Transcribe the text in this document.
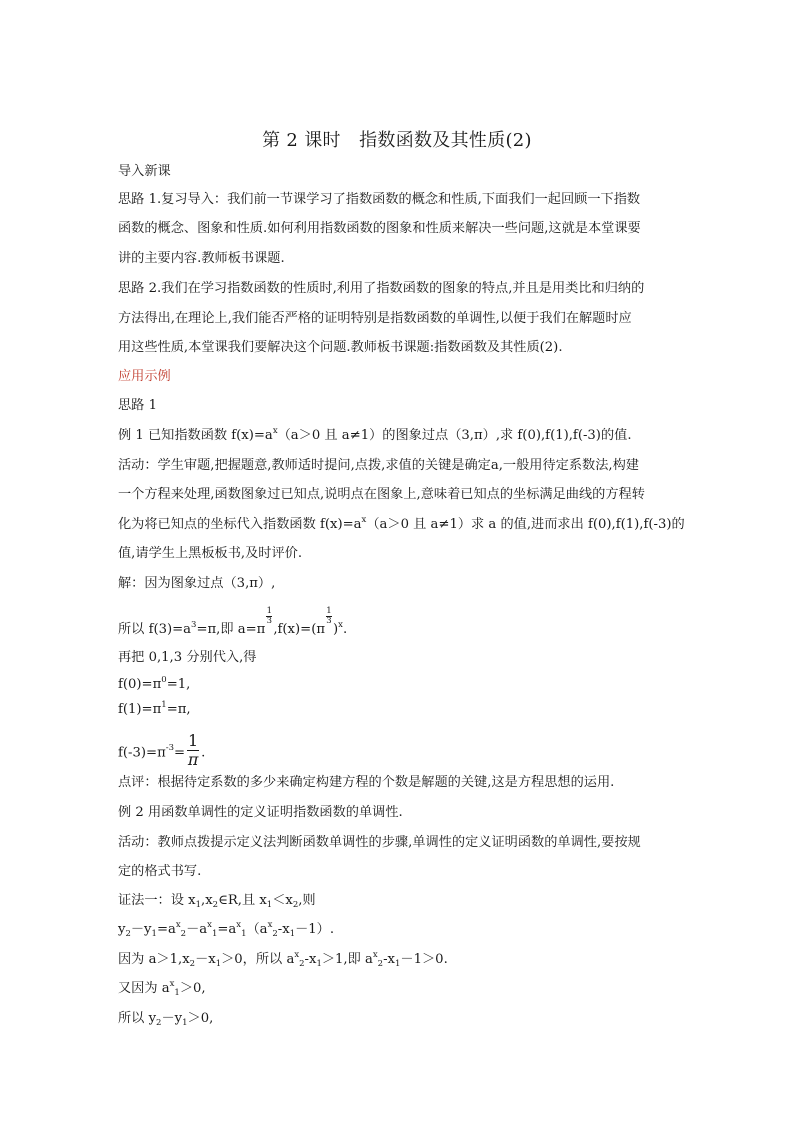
第 2 课时　指数函数及其性质(2)
导入新课
思路 1.复习导入：我们前一节课学习了指数函数的概念和性质,下面我们一起回顾一下指数
函数的概念、图象和性质.如何利用指数函数的图象和性质来解决一些问题,这就是本堂课要
讲的主要内容.教师板书课题.
思路 2.我们在学习指数函数的性质时,利用了指数函数的图象的特点,并且是用类比和归纳的
方法得出,在理论上,我们能否严格的证明特别是指数函数的单调性,以便于我们在解题时应
用这些性质,本堂课我们要解决这个问题.教师板书课题:指数函数及其性质(2).
应用示例
思路 1
例 1 已知指数函数 $f(x)=a^x(a>0$ 且 a≠1）的图象过点（3,π）,求 f(0),f(1),f(-3)的值.
活动：学生审题,把握题意,教师适时提问,点拨,求值的关键是确定a,一般用待定系数法,构建
一个方程来处理,函数图象过已知点,说明点在图象上,意味着已知点的坐标满足曲线的方程转
化为将已知点的坐标代入指数函数 $f(x)=a^x(a>0$ 且 a≠1）求 a 的值,进而求出 f(0),f(1),f(-3)的
值,请学生上黑板板书,及时评价.
解：因为图象过点（3,π）,
所以 $f(3)=a^3=\pi$,即 a=π
$\frac{1}{3}$
,f(x)=(π
$\frac{1}{3}$
)$^x$.
再把 0,1,3 分别代入,得
$f(0)=\pi^0=1$,
$f(1)=\pi^1=\pi$,
$f(-3)=\pi^{-3}= \frac{1}{\pi}$ .
点评：根据待定系数的多少来确定构建方程的个数是解题的关键,这是方程思想的运用.
例 2 用函数单调性的定义证明指数函数的单调性.
活动：教师点拨提示定义法判断函数单调性的步骤,单调性的定义证明函数的单调性,要按规
定的格式书写.
证法一：设 $x_1,x_2\in R$,且 $x_1<x_2$,则
$y_2-y_1=a^x_2-a^x_1=a^x_1(a^x_2-x_1-1)$.
因为 $a>1,x_2-x_1>0$，所以 $a^x_2-x_1>1$,即 $a^x_2-x_1-1>0$.
又因为 $a^x_1>0$,
所以 $y_2-y_1>0$,
